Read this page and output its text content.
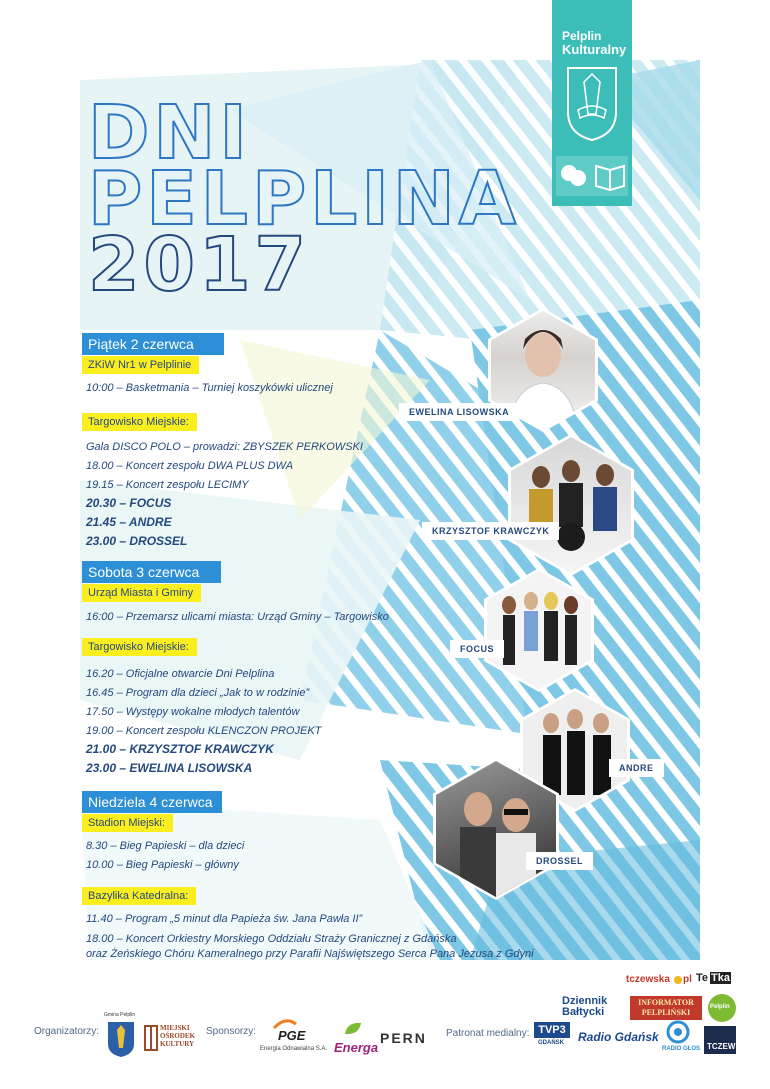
Pelplin
Kulturalny
DNI
PELPLINA
2017
Piątek 2 czerwca
ZKiW Nr1 w Pelplinie
10:00 – Basketmania – Turniej koszykówki ulicznej
Targowisko Miejskie:
Gala DISCO POLO – prowadzi: ZBYSZEK PERKOWSKI
18.00 – Koncert zespołu DWA PLUS DWA
19.15 – Koncert zespołu LECIMY
20.30 – FOCUS
21.45 – ANDRE
23.00 – DROSSEL
Sobota 3 czerwca
Urząd Miasta i Gminy
16:00 – Przemarsz ulicami miasta: Urząd Gminy – Targowisko
Targowisko Miejskie:
16.20 – Oficjalne otwarcie Dni Pelplina
16.45 – Program dla dzieci „Jak to w rodzinie”
17.50 – Występy wokalne młodych talentów
19.00 – Koncert zespołu KLENCZON PROJEKT
21.00 – KRZYSZTOF KRAWCZYK
23.00 – EWELINA LISOWSKA
Niedziela 4 czerwca
Stadion Miejski:
8.30 – Bieg Papieski – dla dzieci
10.00 – Bieg Papieski – główny
Bazylika Katedralna:
11.40 – Program „5 minut dla Papieża św. Jana Pawła II”
18.00 – Koncert Orkiestry Morskiego Oddziału Straży Granicznej z Gdańska
oraz Żeńskiego Chóru Kameralnego przy Parafii Najświętszego Serca Pana Jezusa z Gdyni
EWELINA LISOWSKA
KRZYSZTOF KRAWCZYK
FOCUS
ANDRE
DROSSEL
Organizatorzy:
Gmina Pelplin
MIEJSKI
OŚRODEK
KULTURY
Sponsorzy: PGE
Energia Odnawialna S.A. Energa
PERN Patronat medialny: TVP3
GDAŃSK Radio Gdańsk
RADIO GŁOS TCZEW
Dziennik
Bałtycki
INFORMATOR
PELPLIŃSKI
Pelplin
tczewska pl Te Tka
